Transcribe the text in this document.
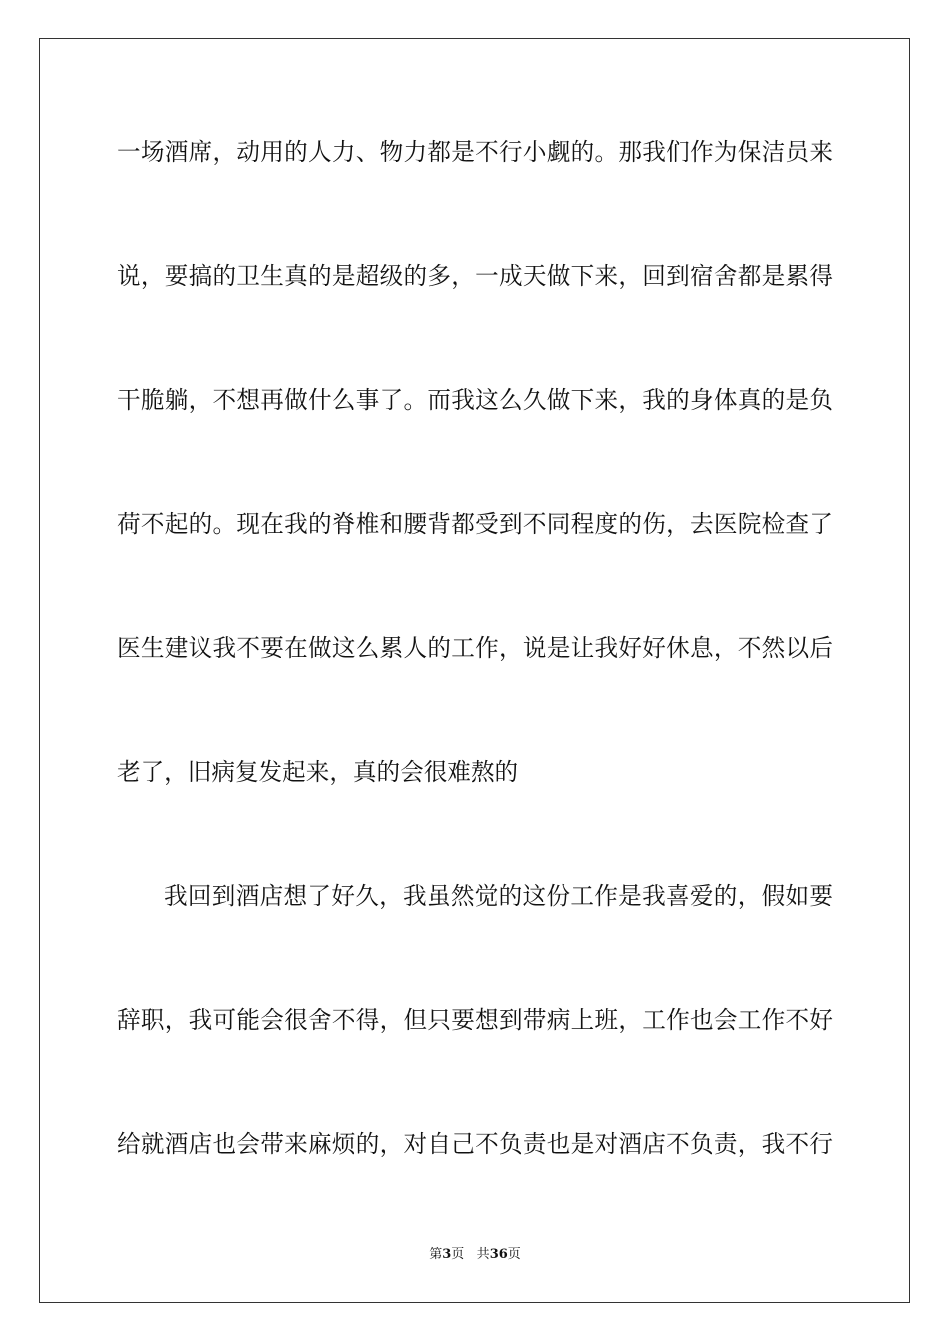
一场酒席，动用的人力、物力都是不行小觑的。那我们作为保洁员来
说，要搞的卫生真的是超级的多，一成天做下来，回到宿舍都是累得
干脆躺，不想再做什么事了。而我这么久做下来，我的身体真的是负
荷不起的。现在我的脊椎和腰背都受到不同程度的伤，去医院检查了
医生建议我不要在做这么累人的工作，说是让我好好休息，不然以后
老了，旧病复发起来，真的会很难熬的
我回到酒店想了好久，我虽然觉的这份工作是我喜爱的，假如要
辞职，我可能会很舍不得，但只要想到带病上班，工作也会工作不好
给就酒店也会带来麻烦的，对自己不负责也是对酒店不负责，我不行
第3页 共36页
